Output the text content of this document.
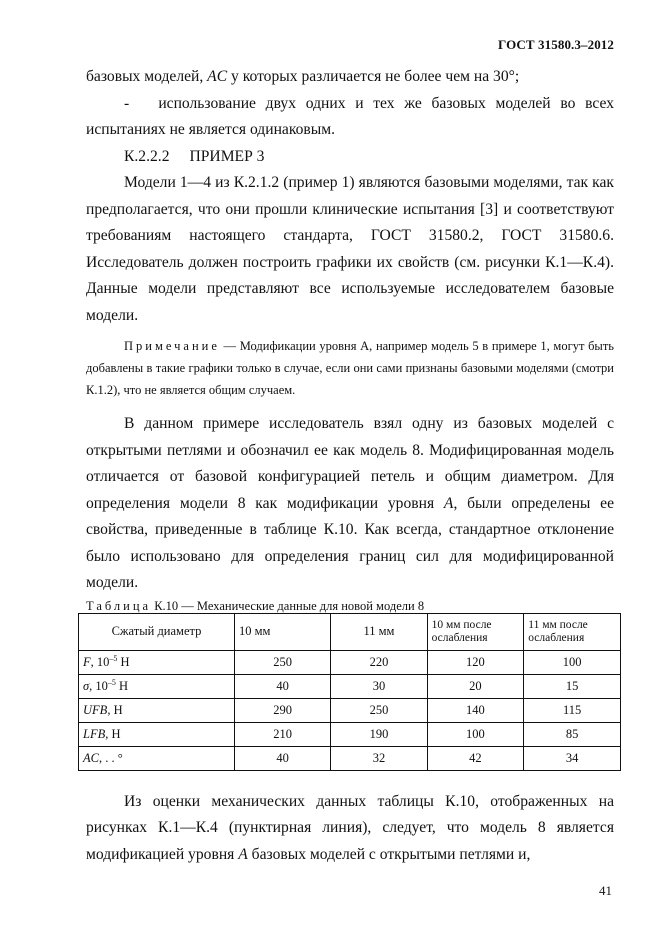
ГОСТ 31580.3–2012

базовых моделей, AC у которых различается не более чем на 30°;

- использование двух одних и тех же базовых моделей во всех испытаниях не является одинаковым.

К.2.2.2 ПРИМЕР 3

Модели 1—4 из К.2.1.2 (пример 1) являются базовыми моделями, так как предполагается, что они прошли клинические испытания [3] и соответствуют требованиям настоящего стандарта, ГОСТ 31580.2, ГОСТ 31580.6. Исследователь должен построить графики их свойств (см. рисунки К.1—К.4). Данные модели представляют все используемые исследователем базовые модели.

Примечание — Модификации уровня А, например модель 5 в примере 1, могут быть добавлены в такие графики только в случае, если они сами признаны базовыми моделями (смотри К.1.2), что не является общим случаем.

В данном примере исследователь взял одну из базовых моделей с открытыми петлями и обозначил ее как модель 8. Модифицированная модель отличается от базовой конфигурацией петель и общим диаметром. Для определения модели 8 как модификации уровня A, были определены ее свойства, приведенные в таблице К.10. Как всегда, стандартное отклонение было использовано для определения границ сил для модифицированной модели.

Таблица К.10 — Механические данные для новой модели 8

Сжатый диаметр	10 мм	11 мм	10 мм после ослабления	11 мм после ослабления
F, $10^{-5}$ Н	250	220	120	100
σ, $10^{-5}$ Н	40	30	20	15
UFB, Н	290	250	140	115
LFB, Н	210	190	100	85
AC, . . °	40	32	42	34

Из оценки механических данных таблицы К.10, отображенных на рисунках К.1—К.4 (пунктирная линия), следует, что модель 8 является модификацией уровня А базовых моделей с открытыми петлями и,

41
